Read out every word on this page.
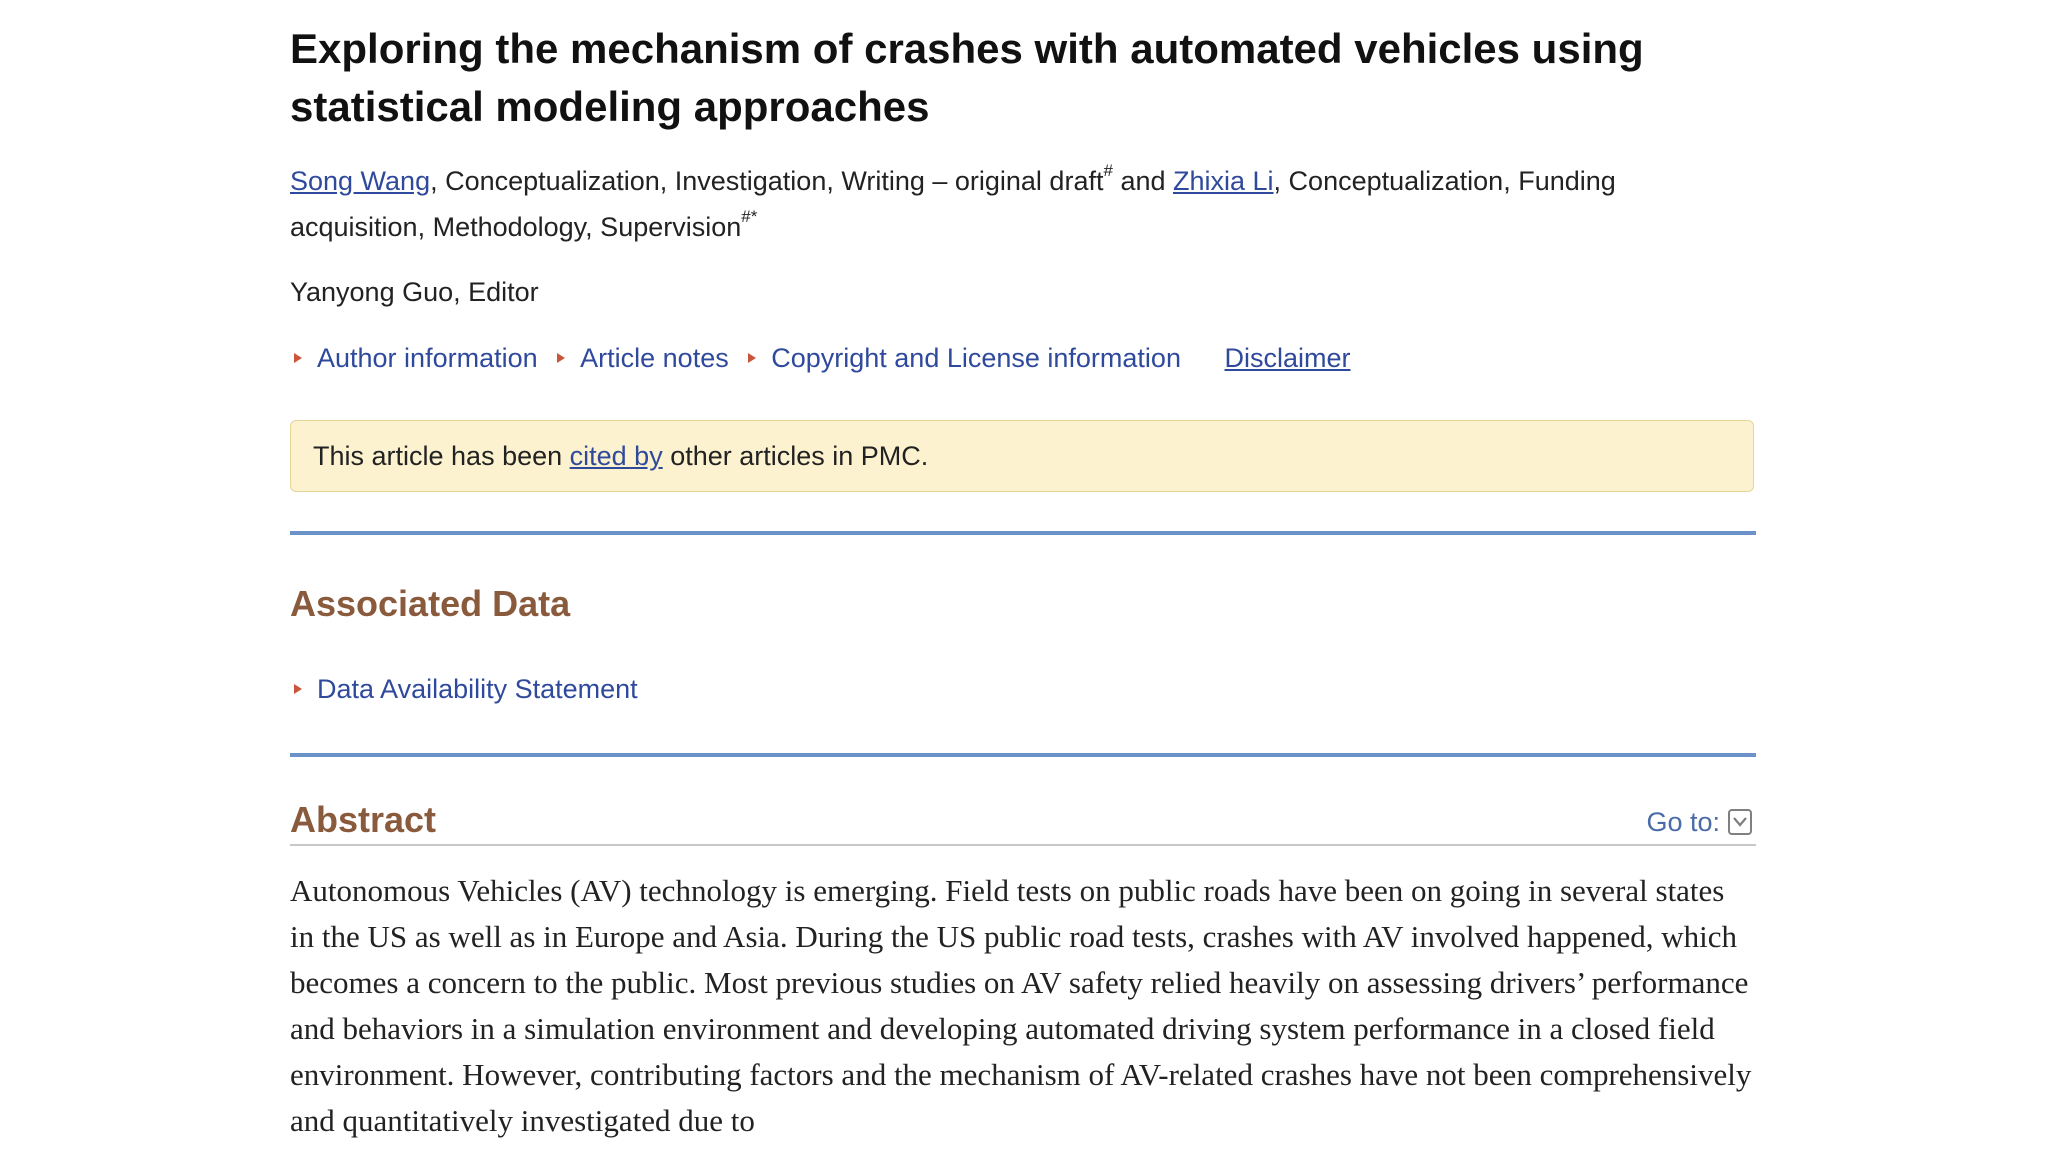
Exploring the mechanism of crashes with automated vehicles using statistical modeling approaches
Song Wang, Conceptualization, Investigation, Writing – original draft# and Zhixia Li, Conceptualization, Funding acquisition, Methodology, Supervision#*
Yanyong Guo, Editor
Author information Article notes Copyright and License information Disclaimer
This article has been cited by other articles in PMC.
Associated Data
Data Availability Statement
Abstract	Go to:

Autonomous Vehicles (AV) technology is emerging. Field tests on public roads have been on going in several states in the US as well as in Europe and Asia. During the US public road tests, crashes with AV involved happened, which becomes a concern to the public. Most previous studies on AV safety relied heavily on assessing drivers’ performance and behaviors in a simulation environment and developing automated driving system performance in a closed field environment. However, contributing factors and the mechanism of AV-related crashes have not been comprehensively and quantitatively investigated due to
